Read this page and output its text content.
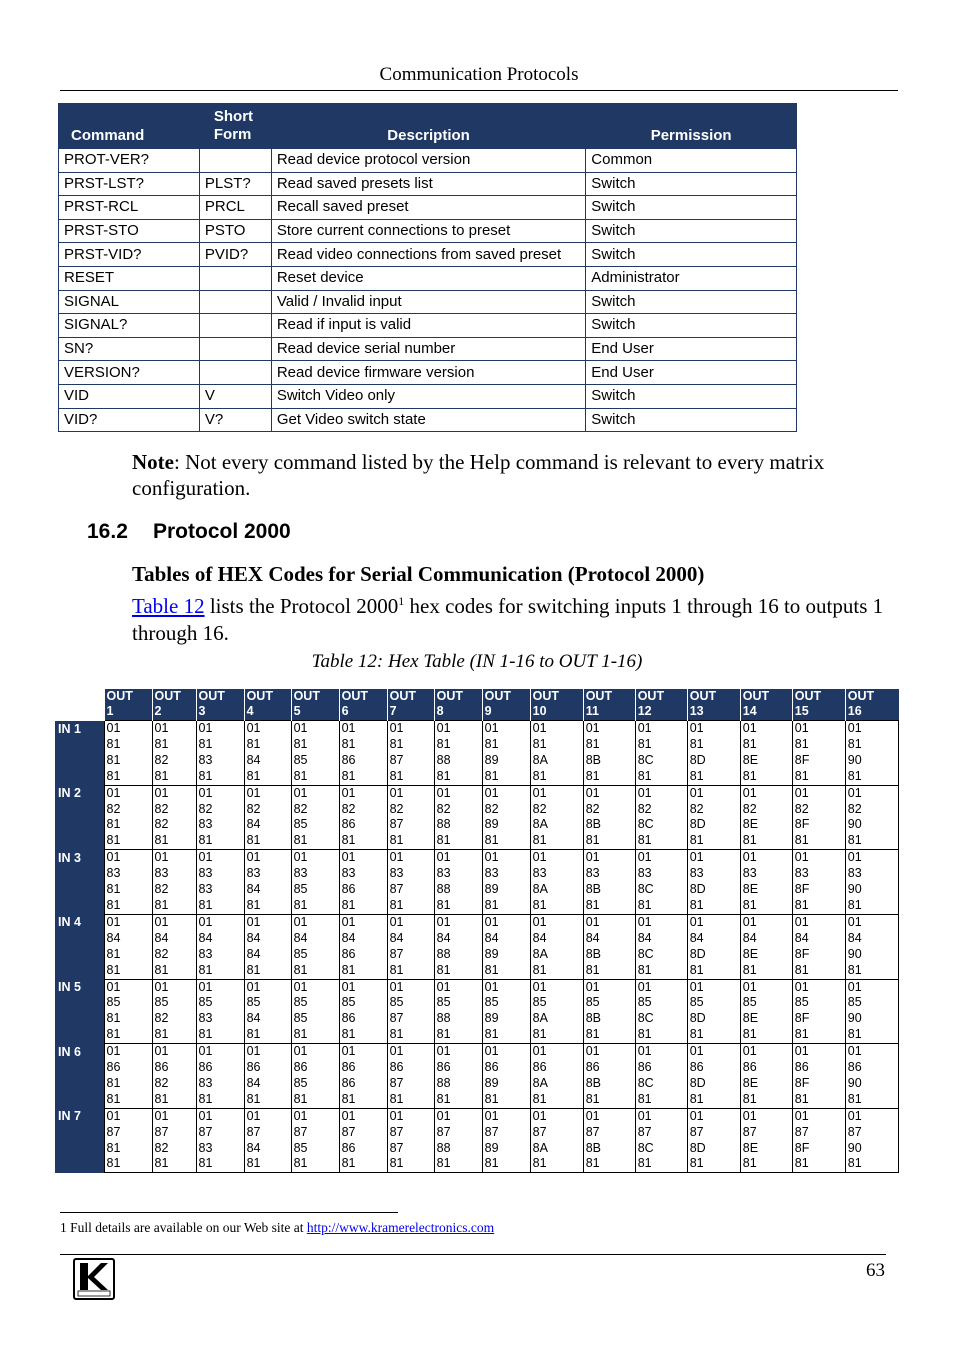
Communication Protocols
Command	Short Form	Description	Permission
PROT-VER?		Read device protocol version	Common
PRST-LST?	PLST?	Read saved presets list	Switch
PRST-RCL	PRCL	Recall saved preset	Switch
PRST-STO	PSTO	Store current connections to preset	Switch
PRST-VID?	PVID?	Read video connections from saved preset	Switch
RESET		Reset device	Administrator
SIGNAL		Valid / Invalid input	Switch
SIGNAL?		Read if input is valid	Switch
SN?		Read device serial number	End User
VERSION?		Read device firmware version	End User
VID	V	Switch Video only	Switch
VID?	V?	Get Video switch state	Switch
Note: Not every command listed by the Help command is relevant to every matrix configuration.
16.2 Protocol 2000
Tables of HEX Codes for Serial Communication (Protocol 2000)
Table 12 lists the Protocol 2000$^1$ hex codes for switching inputs 1 through 16 to outputs 1 through 16.
Table 12: Hex Table (IN 1-16 to OUT 1-16)
	OUT 1	OUT 2	OUT 3	OUT 4	OUT 5	OUT 6	OUT 7	OUT 8	OUT 9	OUT 10	OUT 11	OUT 12	OUT 13	OUT 14	OUT 15	OUT 16
IN 1	01 81 81 81	01 81 82 81	01 81 83 81	01 81 84 81	01 81 85 81	01 81 86 81	01 81 87 81	01 81 88 81	01 81 89 81	01 81 8A 81	01 81 8B 81	01 81 8C 81	01 81 8D 81	01 81 8E 81	01 81 8F 81	01 81 90 81
IN 2	01 82 81 81	01 82 82 81	01 82 83 81	01 82 84 81	01 82 85 81	01 82 86 81	01 82 87 81	01 82 88 81	01 82 89 81	01 82 8A 81	01 82 8B 81	01 82 8C 81	01 82 8D 81	01 82 8E 81	01 82 8F 81	01 82 90 81
IN 3	01 83 81 81	01 83 82 81	01 83 83 81	01 83 84 81	01 83 85 81	01 83 86 81	01 83 87 81	01 83 88 81	01 83 89 81	01 83 8A 81	01 83 8B 81	01 83 8C 81	01 83 8D 81	01 83 8E 81	01 83 8F 81	01 83 90 81
IN 4	01 84 81 81	01 84 82 81	01 84 83 81	01 84 84 81	01 84 85 81	01 84 86 81	01 84 87 81	01 84 88 81	01 84 89 81	01 84 8A 81	01 84 8B 81	01 84 8C 81	01 84 8D 81	01 84 8E 81	01 84 8F 81	01 84 90 81
IN 5	01 85 81 81	01 85 82 81	01 85 83 81	01 85 84 81	01 85 85 81	01 85 86 81	01 85 87 81	01 85 88 81	01 85 89 81	01 85 8A 81	01 85 8B 81	01 85 8C 81	01 85 8D 81	01 85 8E 81	01 85 8F 81	01 85 90 81
IN 6	01 86 81 81	01 86 82 81	01 86 83 81	01 86 84 81	01 86 85 81	01 86 86 81	01 86 87 81	01 86 88 81	01 86 89 81	01 86 8A 81	01 86 8B 81	01 86 8C 81	01 86 8D 81	01 86 8E 81	01 86 8F 81	01 86 90 81
IN 7	01 87 81 81	01 87 82 81	01 87 83 81	01 87 84 81	01 87 85 81	01 87 86 81	01 87 87 81	01 87 88 81	01 87 89 81	01 87 8A 81	01 87 8B 81	01 87 8C 81	01 87 8D 81	01 87 8E 81	01 87 8F 81	01 87 90 81
1 Full details are available on our Web site at http://www.kramerelectronics.com
63
